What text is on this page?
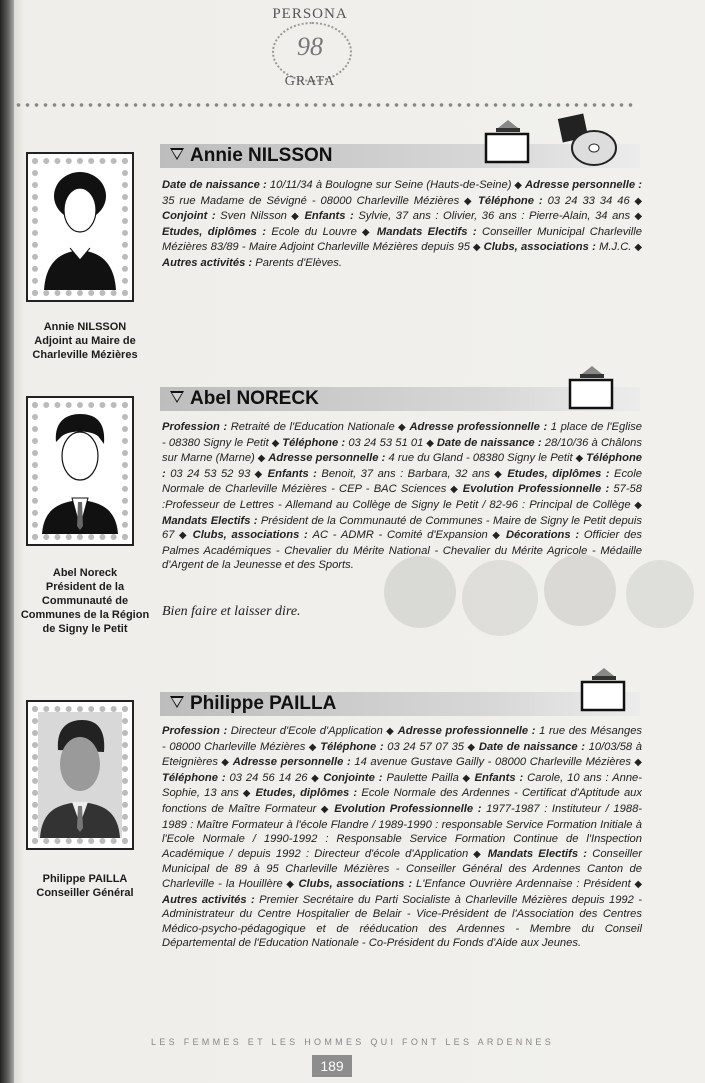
PERSONA
98
GRATA
Annie NILSSON
Adjoint au Maire de
Charleville Mézières
Annie NILSSON
Date de naissance : 10/11/34 à Boulogne sur Seine (Hauts-de-Seine) ◆ Adresse personnelle : 35 rue Madame de Sévigné - 08000 Charleville Mézières ◆ Téléphone : 03 24 33 34 46 ◆ Conjoint : Sven Nilsson ◆ Enfants : Sylvie, 37 ans : Olivier, 36 ans : Pierre-Alain, 34 ans ◆ Etudes, diplômes : Ecole du Louvre ◆ Mandats Electifs : Conseiller Municipal Charleville Mézières 83/89 - Maire Adjoint Charleville Mézières depuis 95 ◆ Clubs, associations : M.J.C. ◆ Autres activités : Parents d'Elèves.
Abel Noreck
Président de la
Communauté de
Communes de la Région
de Signy le Petit
Abel NORECK
Profession : Retraité de l'Education Nationale ◆ Adresse professionnelle : 1 place de l'Eglise - 08380 Signy le Petit ◆ Téléphone : 03 24 53 51 01 ◆ Date de naissance : 28/10/36 à Châlons sur Marne (Marne) ◆ Adresse personnelle : 4 rue du Gland - 08380 Signy le Petit ◆ Téléphone : 03 24 53 52 93 ◆ Enfants : Benoit, 37 ans : Barbara, 32 ans ◆ Etudes, diplômes : Ecole Normale de Charleville Mézières - CEP - BAC Sciences ◆ Evolution Professionnelle : 57-58 :Professeur de Lettres - Allemand au Collège de Signy le Petit / 82-96 : Principal de Collège ◆ Mandats Electifs : Président de la Communauté de Communes - Maire de Signy le Petit depuis 67 ◆ Clubs, associations : AC - ADMR - Comité d'Expansion ◆ Décorations : Officier des Palmes Académiques - Chevalier du Mérite National - Chevalier du Mérite Agricole - Médaille d'Argent de la Jeunesse et des Sports.
Bien faire et laisser dire.
Philippe PAILLA
Conseiller Général
Philippe PAILLA
Profession : Directeur d'Ecole d'Application ◆ Adresse professionnelle : 1 rue des Mésanges - 08000 Charleville Mézières ◆ Téléphone : 03 24 57 07 35 ◆ Date de naissance : 10/03/58 à Eteignières ◆ Adresse personnelle : 14 avenue Gustave Gailly - 08000 Charleville Mézières ◆ Téléphone : 03 24 56 14 26 ◆ Conjointe : Paulette Pailla ◆ Enfants : Carole, 10 ans : Anne-Sophie, 13 ans ◆ Etudes, diplômes : Ecole Normale des Ardennes - Certificat d'Aptitude aux fonctions de Maître Formateur ◆ Evolution Professionnelle : 1977-1987 : Instituteur / 1988-1989 : Maître Formateur à l'école Flandre / 1989-1990 : responsable Service Formation Initiale à l'Ecole Normale / 1990-1992 : Responsable Service Formation Continue de l'Inspection Académique / depuis 1992 : Directeur d'école d'Application ◆ Mandats Electifs : Conseiller Municipal de 89 à 95 Charleville Mézières - Conseiller Général des Ardennes Canton de Charleville - la Houillère ◆ Clubs, associations : L'Enfance Ouvrière Ardennaise : Président ◆ Autres activités : Premier Secrétaire du Parti Socialiste à Charleville Mézières depuis 1992 - Administrateur du Centre Hospitalier de Belair - Vice-Président de l'Association des Centres Médico-psycho-pédagogique et de rééducation des Ardennes - Membre du Conseil Départemental de l'Education Nationale - Co-Président du Fonds d'Aide aux Jeunes.
LES FEMMES ET LES HOMMES QUI FONT LES ARDENNES
189
